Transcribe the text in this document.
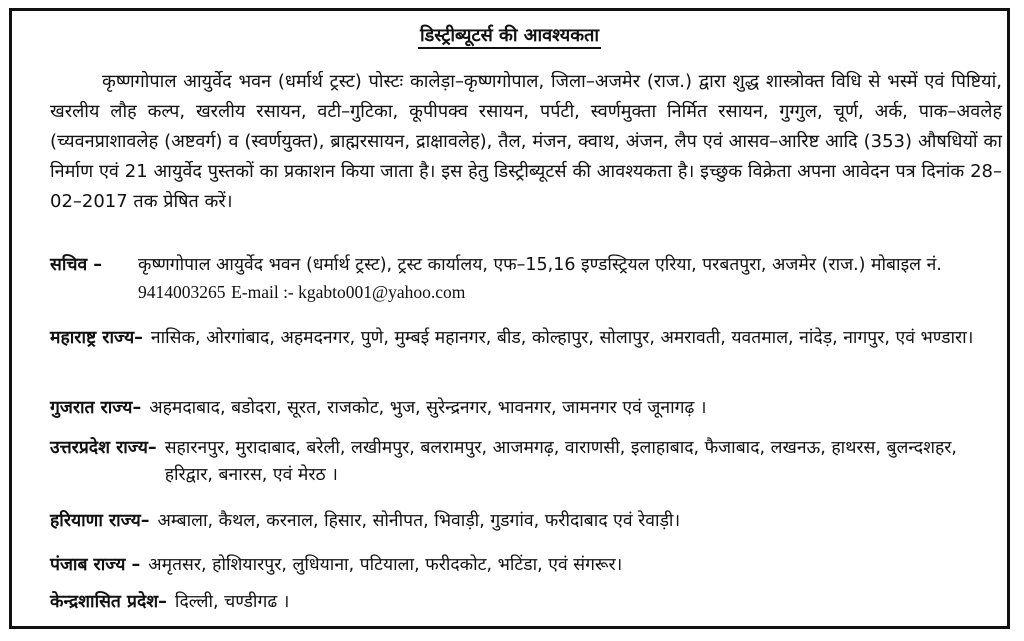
डिस्ट्रीब्यूटर्स की आवश्यकता
कृष्णगोपाल आयुर्वेद भवन (धर्मार्थ ट्रस्ट) पोस्टः कालेड़ा–कृष्णगोपाल, जिला–अजमेर (राज.) द्वारा शुद्ध शास्त्रोक्त विधि से भस्में एवं पिष्टियां, खरलीय लौह कल्प, खरलीय रसायन, वटी–गुटिका, कूपीपक्व रसायन, पर्पटी, स्वर्णमुक्ता निर्मित रसायन, गुग्गुल, चूर्ण, अर्क, पाक–अवलेह (च्यवनप्राशावलेह (अष्टवर्ग) व (स्वर्णयुक्त), ब्राह्मरसायन, द्राक्षावलेह), तैल, मंजन, क्वाथ, अंजन, लैप एवं आसव–आरिष्ट आदि (353) औषधियों का निर्माण एवं 21 आयुर्वेद पुस्तकों का प्रकाशन किया जाता है। इस हेतु डिस्ट्रीब्यूटर्स की आवश्यकता है। इच्छुक विक्रेता अपना आवेदन पत्र दिनांक 28–02–2017 तक प्रेषित करें।
सचिव – कृष्णगोपाल आयुर्वेद भवन (धर्मार्थ ट्रस्ट), ट्रस्ट कार्यालय, एफ–15,16 इण्डस्ट्रियल एरिया, परबतपुरा, अजमेर (राज.) मोबाइल नं. 9414003265 E-mail :- kgabto001@yahoo.com
महाराष्ट्र राज्य– नासिक, ओरगांबाद, अहमदनगर, पुणे, मुम्बई महानगर, बीड, कोल्हापुर, सोलापुर, अमरावती, यवतमाल, नांदेड़, नागपुर, एवं भण्डारा।
गुजरात राज्य– अहमदाबाद, बडोदरा, सूरत, राजकोट, भुज, सुरेन्द्रनगर, भावनगर, जामनगर एवं जूनागढ़ ।
उत्तरप्रदेश राज्य– सहारनपुर, मुरादाबाद, बरेली, लखीमपुर, बलरामपुर, आजमगढ़, वाराणसी, इलाहाबाद, फैजाबाद, लखनऊ, हाथरस, बुलन्दशहर, हरिद्वार, बनारस, एवं मेरठ ।
हरियाणा राज्य– अम्बाला, कैथल, करनाल, हिसार, सोनीपत, भिवाड़ी, गुडगांव, फरीदाबाद एवं रेवाड़ी।
पंजाब राज्य – अमृतसर, होशियारपुर, लुधियाना, पटियाला, फरीदकोट, भटिंडा, एवं संगरूर।
केन्द्रशासित प्रदेश– दिल्ली, चण्डीगढ ।
